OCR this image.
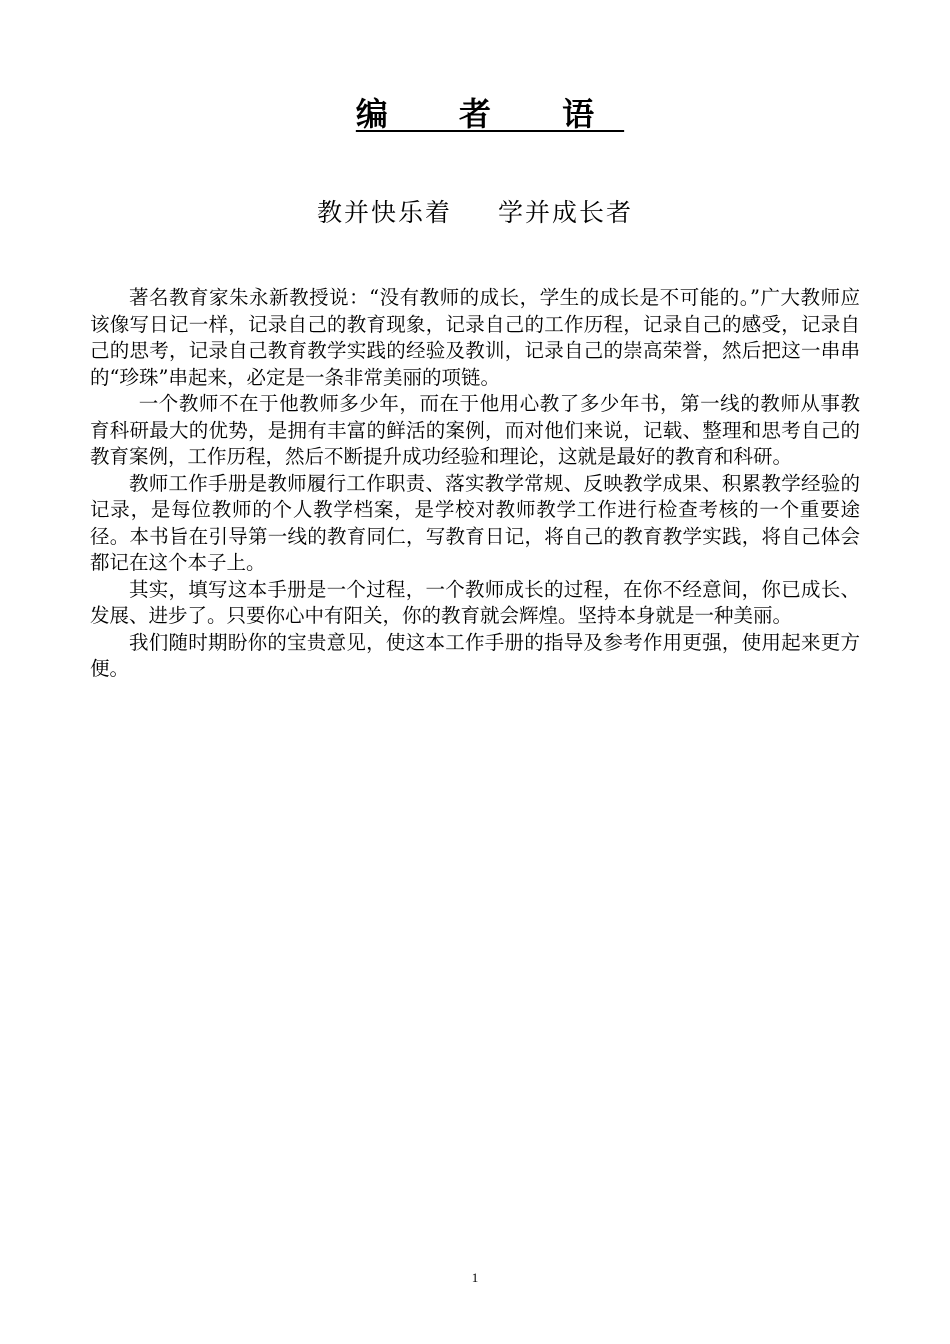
编 者 语
教并快乐着 学并成长者

著名教育家朱永新教授说：“没有教师的成长，学生的成长是不可能的。”广大教师应该像写日记一样，记录自己的教育现象，记录自己的工作历程，记录自己的感受，记录自己的思考，记录自己教育教学实践的经验及教训，记录自己的崇高荣誉，然后把这一串串的“珍珠”串起来，必定是一条非常美丽的项链。

一个教师不在于他教师多少年，而在于他用心教了多少年书，第一线的教师从事教育科研最大的优势，是拥有丰富的鲜活的案例，而对他们来说，记载、整理和思考自己的教育案例，工作历程，然后不断提升成功经验和理论，这就是最好的教育和科研。

教师工作手册是教师履行工作职责、落实教学常规、反映教学成果、积累教学经验的记录，是每位教师的个人教学档案，是学校对教师教学工作进行检查考核的一个重要途径。本书旨在引导第一线的教育同仁，写教育日记，将自己的教育教学实践，将自己体会都记在这个本子上。

其实，填写这本手册是一个过程，一个教师成长的过程，在你不经意间，你已成长、发展、进步了。只要你心中有阳关，你的教育就会辉煌。坚持本身就是一种美丽。

我们随时期盼你的宝贵意见，使这本工作手册的指导及参考作用更强，使用起来更方便。

1
